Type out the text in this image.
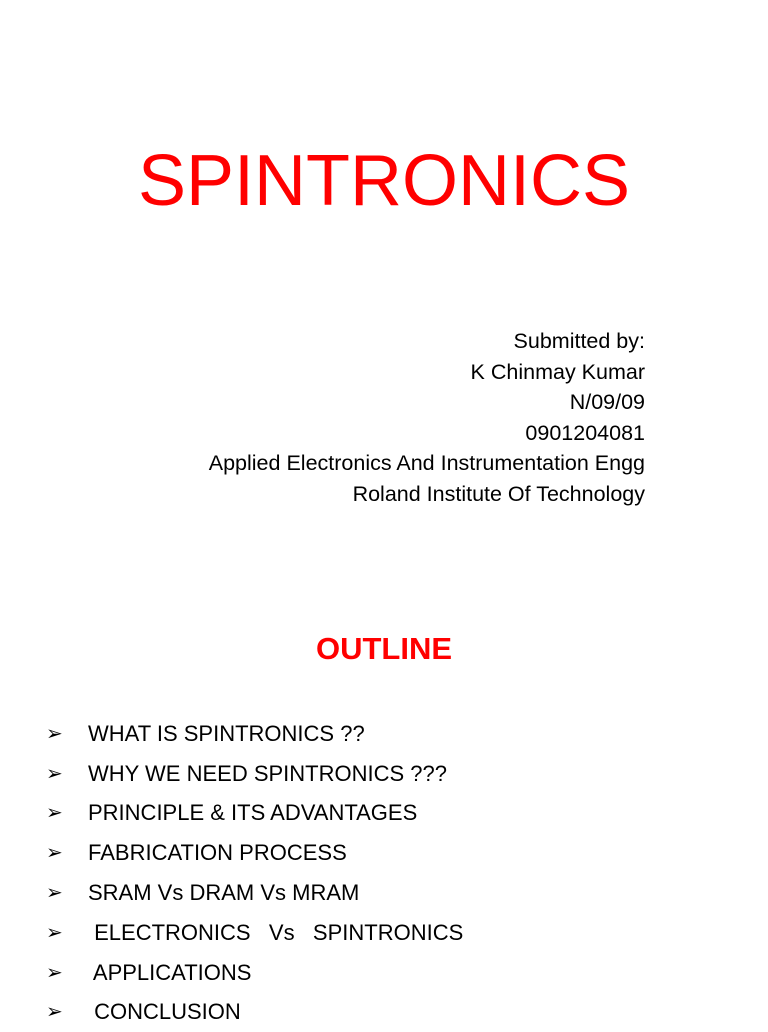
SPINTRONICS
Submitted by:
K Chinmay Kumar
N/09/09
0901204081
Applied Electronics And Instrumentation Engg
Roland Institute Of Technology
OUTLINE
➢	WHAT IS SPINTRONICS ??
➢	WHY WE NEED SPINTRONICS ???
➢	PRINCIPLE & ITS ADVANTAGES
➢	FABRICATION PROCESS
➢	SRAM Vs DRAM Vs MRAM
➢	ELECTRONICS   Vs   SPINTRONICS
➢	APPLICATIONS
➢	CONCLUSION
